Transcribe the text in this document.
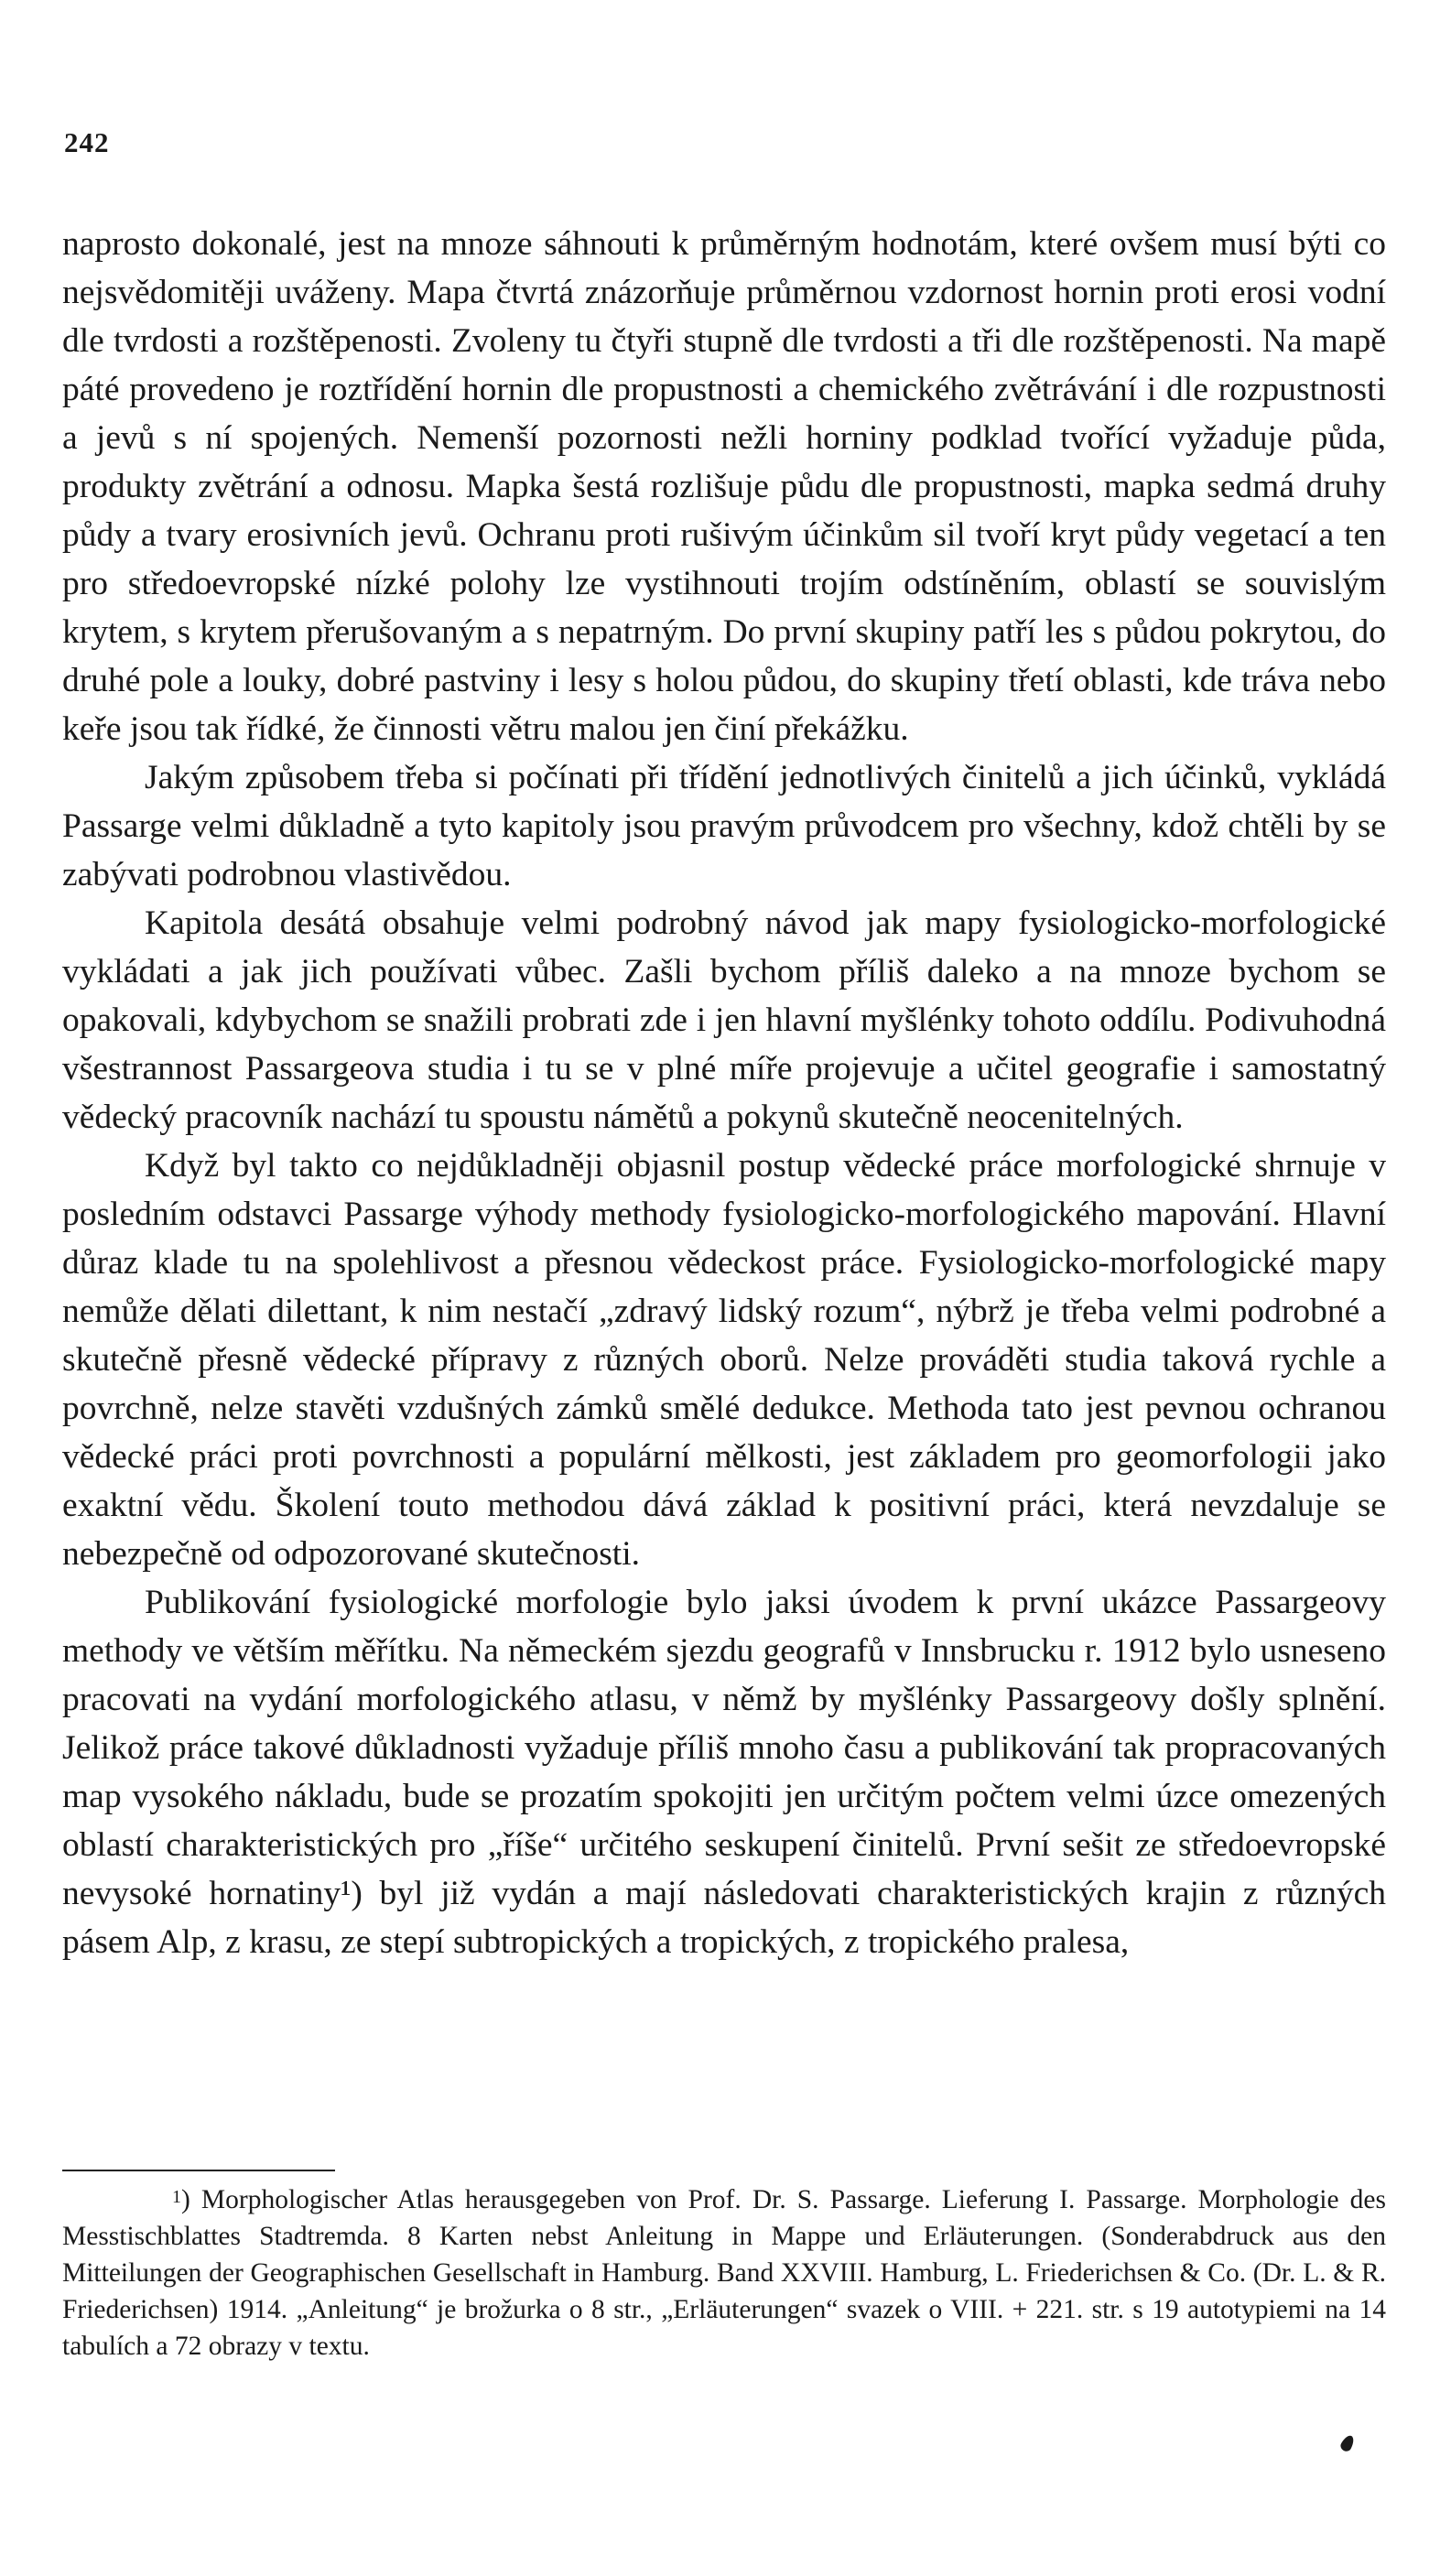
242

naprosto dokonalé, jest na mnoze sáhnouti k průměrným hodnotám, které ovšem musí býti co nejsvědomitěji uváženy. Mapa čtvrtá znázorňuje průměrnou vzdornost hornin proti erosi vodní dle tvrdosti a rozštěpenosti. Zvoleny tu čtyři stupně dle tvrdosti a tři dle rozštěpenosti. Na mapě páté provedeno je roztřídění hornin dle propustnosti a chemického zvětrávání i dle rozpustnosti a jevů s ní spojených. Nemenší pozornosti nežli horniny podklad tvořící vyžaduje půda, produkty zvětrání a odnosu. Mapka šestá rozlišuje půdu dle propustnosti, mapka sedmá druhy půdy a tvary erosivních jevů. Ochranu proti rušivým účinkům sil tvoří kryt půdy vegetací a ten pro středoevropské nízké polohy lze vystihnouti trojím odstíněním, oblastí se souvislým krytem, s krytem přerušovaným a s nepatrným. Do první skupiny patří les s půdou pokrytou, do druhé pole a louky, dobré pastviny i lesy s holou půdou, do skupiny třetí oblasti, kde tráva nebo keře jsou tak řídké, že činnosti větru malou jen činí překážku.

Jakým způsobem třeba si počínati při třídění jednotlivých činitelů a jich účinků, vykládá Passarge velmi důkladně a tyto kapitoly jsou pravým průvodcem pro všechny, kdož chtěli by se zabývati podrobnou vlastivědou.

Kapitola desátá obsahuje velmi podrobný návod jak mapy fysiologicko-morfologické vykládati a jak jich používati vůbec. Zašli bychom příliš daleko a na mnoze bychom se opakovali, kdybychom se snažili probrati zde i jen hlavní myšlénky tohoto oddílu. Podivuhodná všestrannost Passargeova studia i tu se v plné míře projevuje a učitel geografie i samostatný vědecký pracovník nachází tu spoustu námětů a pokynů skutečně neocenitelných.

Když byl takto co nejdůkladněji objasnil postup vědecké práce morfologické shrnuje v posledním odstavci Passarge výhody methody fysiologicko-morfologického mapování. Hlavní důraz klade tu na spolehlivost a přesnou vědeckost práce. Fysiologicko-morfologické mapy nemůže dělati dilettant, k nim nestačí „zdravý lidský rozum“, nýbrž je třeba velmi podrobné a skutečně přesně vědecké přípravy z různých oborů. Nelze prováděti studia taková rychle a povrchně, nelze stavěti vzdušných zámků smělé dedukce. Methoda tato jest pevnou ochranou vědecké práci proti povrchnosti a populární mělkosti, jest základem pro geomorfologii jako exaktní vědu. Školení touto methodou dává základ k positivní práci, která nevzdaluje se nebezpečně od odpozorované skutečnosti.

Publikování fysiologické morfologie bylo jaksi úvodem k první ukázce Passargeovy methody ve větším měřítku. Na německém sjezdu geografů v Innsbrucku r. 1912 bylo usneseno pracovati na vydání morfologického atlasu, v němž by myšlénky Passargeovy došly splnění. Jelikož práce takové důkladnosti vyžaduje příliš mnoho času a publikování tak propracovaných map vysokého nákladu, bude se prozatím spokojiti jen určitým počtem velmi úzce omezených oblastí charakteristických pro „říše“ určitého seskupení činitelů. První sešit ze středoevropské nevysoké hornatiny¹) byl již vydán a mají následovati charakteristických krajin z různých pásem Alp, z krasu, ze stepí subtropických a tropických, z tropického pralesa,

$^1$) Morphologischer Atlas herausgegeben von Prof. Dr. S. Passarge. Lieferung I. Passarge. Morphologie des Messtischblattes Stadtremda. 8 Karten nebst Anleitung in Mappe und Erläuterungen. (Sonderabdruck aus den Mitteilungen der Geographischen Gesellschaft in Hamburg. Band XXVIII. Hamburg, L. Friederichsen & Co. (Dr. L. & R. Friederichsen) 1914. „Anleitung“ je brožurka o 8 str., „Erläuterungen“ svazek o VIII. + 221. str. s 19 autotypiemi na 14 tabulích a 72 obrazy v textu.
